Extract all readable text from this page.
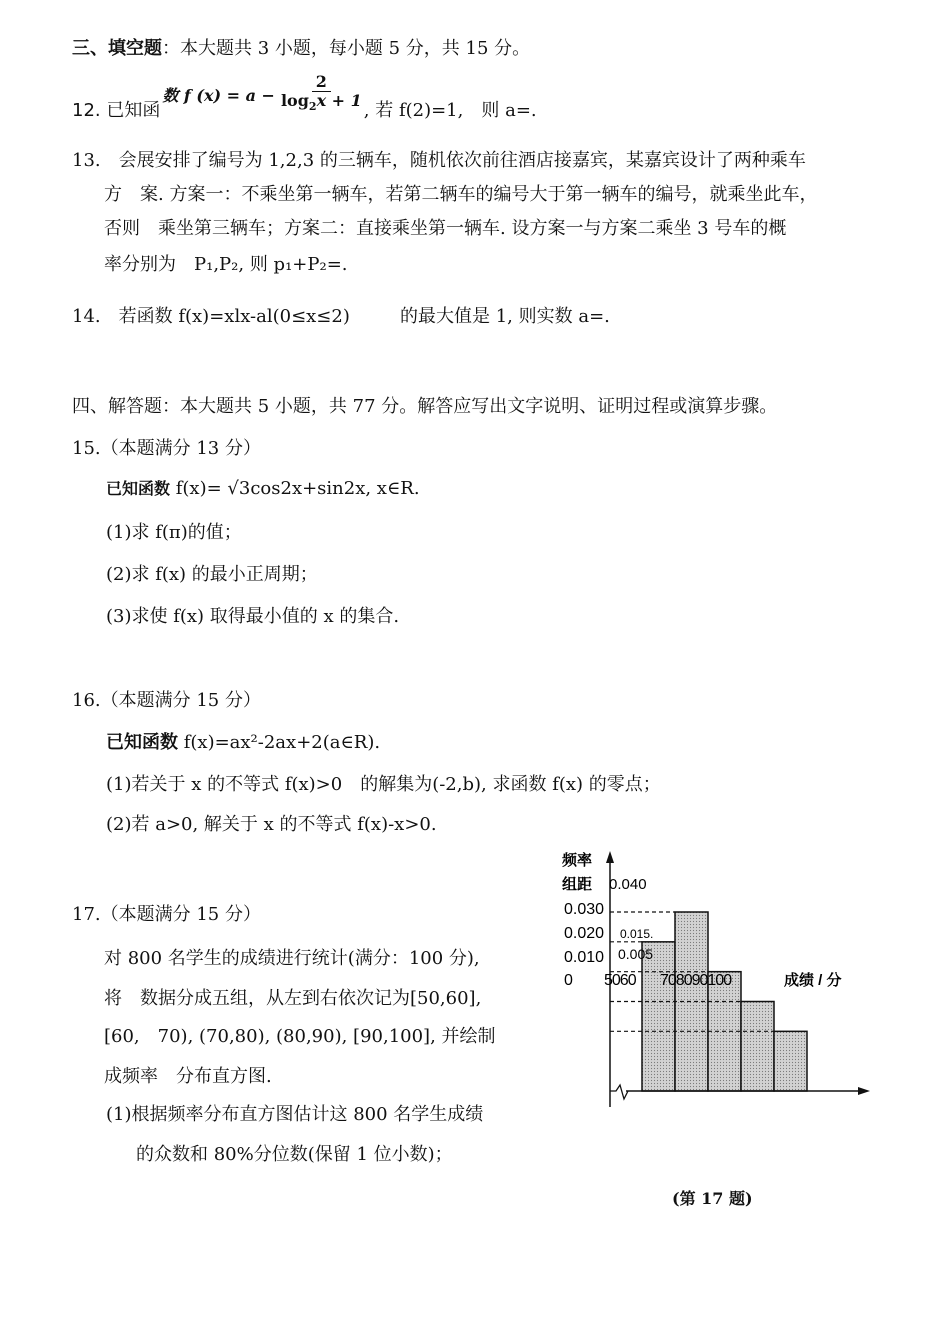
三、填空题：本大题共 3 小题，每小题 5 分，共 15 分。
12. 已知函
数 f $(x) = a - \frac{2}{\log_2x + 1}$ , 若 f(2)=1,　则 a=.
13.　会展安排了编号为 1,2,3 的三辆车，随机依次前往酒店接嘉宾，某嘉宾设计了两种乘车
方　案. 方案一：不乘坐第一辆车，若第二辆车的编号大于第一辆车的编号，就乘坐此车，
否则　乘坐第三辆车；方案二：直接乘坐第一辆车. 设方案一与方案二乘坐 3 号车的概
率分别为　P₁,P₂, 则 p₁+P₂=.
14.　若函数 f(x)=xlx-al(0≤x≤2)	的最大值是 1, 则实数 a=.
四、解答题：本大题共 5 小题，共 77 分。解答应写出文字说明、证明过程或演算步骤。
15.（本题满分 13 分）
已知函数 f(x)= √3cos2x+sin2x, x∈R.
(1)求 f(π)的值；
(2)求 f(x) 的最小正周期；
(3)求使 f(x) 取得最小值的 x 的集合.
16.（本题满分 15 分）
已知函数 f(x)=ax²-2ax+2(a∈R).
(1)若关于 x 的不等式 f(x)>0　的解集为(-2,b), 求函数 f(x) 的零点；
(2)若 a>0, 解关于 x 的不等式 f(x)-x>0.
17.（本题满分 15 分）
对 800 名学生的成绩进行统计(满分：100 分),
将　数据分成五组，从左到右依次记为[50,60],
[60,　70), (70,80), (80,90), [90,100], 并绘制
成频率　分布直方图.
(1)根据频率分布直方图估计这 800 名学生成绩
的众数和 80%分位数(保留 1 位小数)；
(第 17 题)
频率
组距 0.040
0.030
0.020
0.010
0.015.
0.005
0 5060 708090100	成绩 / 分
